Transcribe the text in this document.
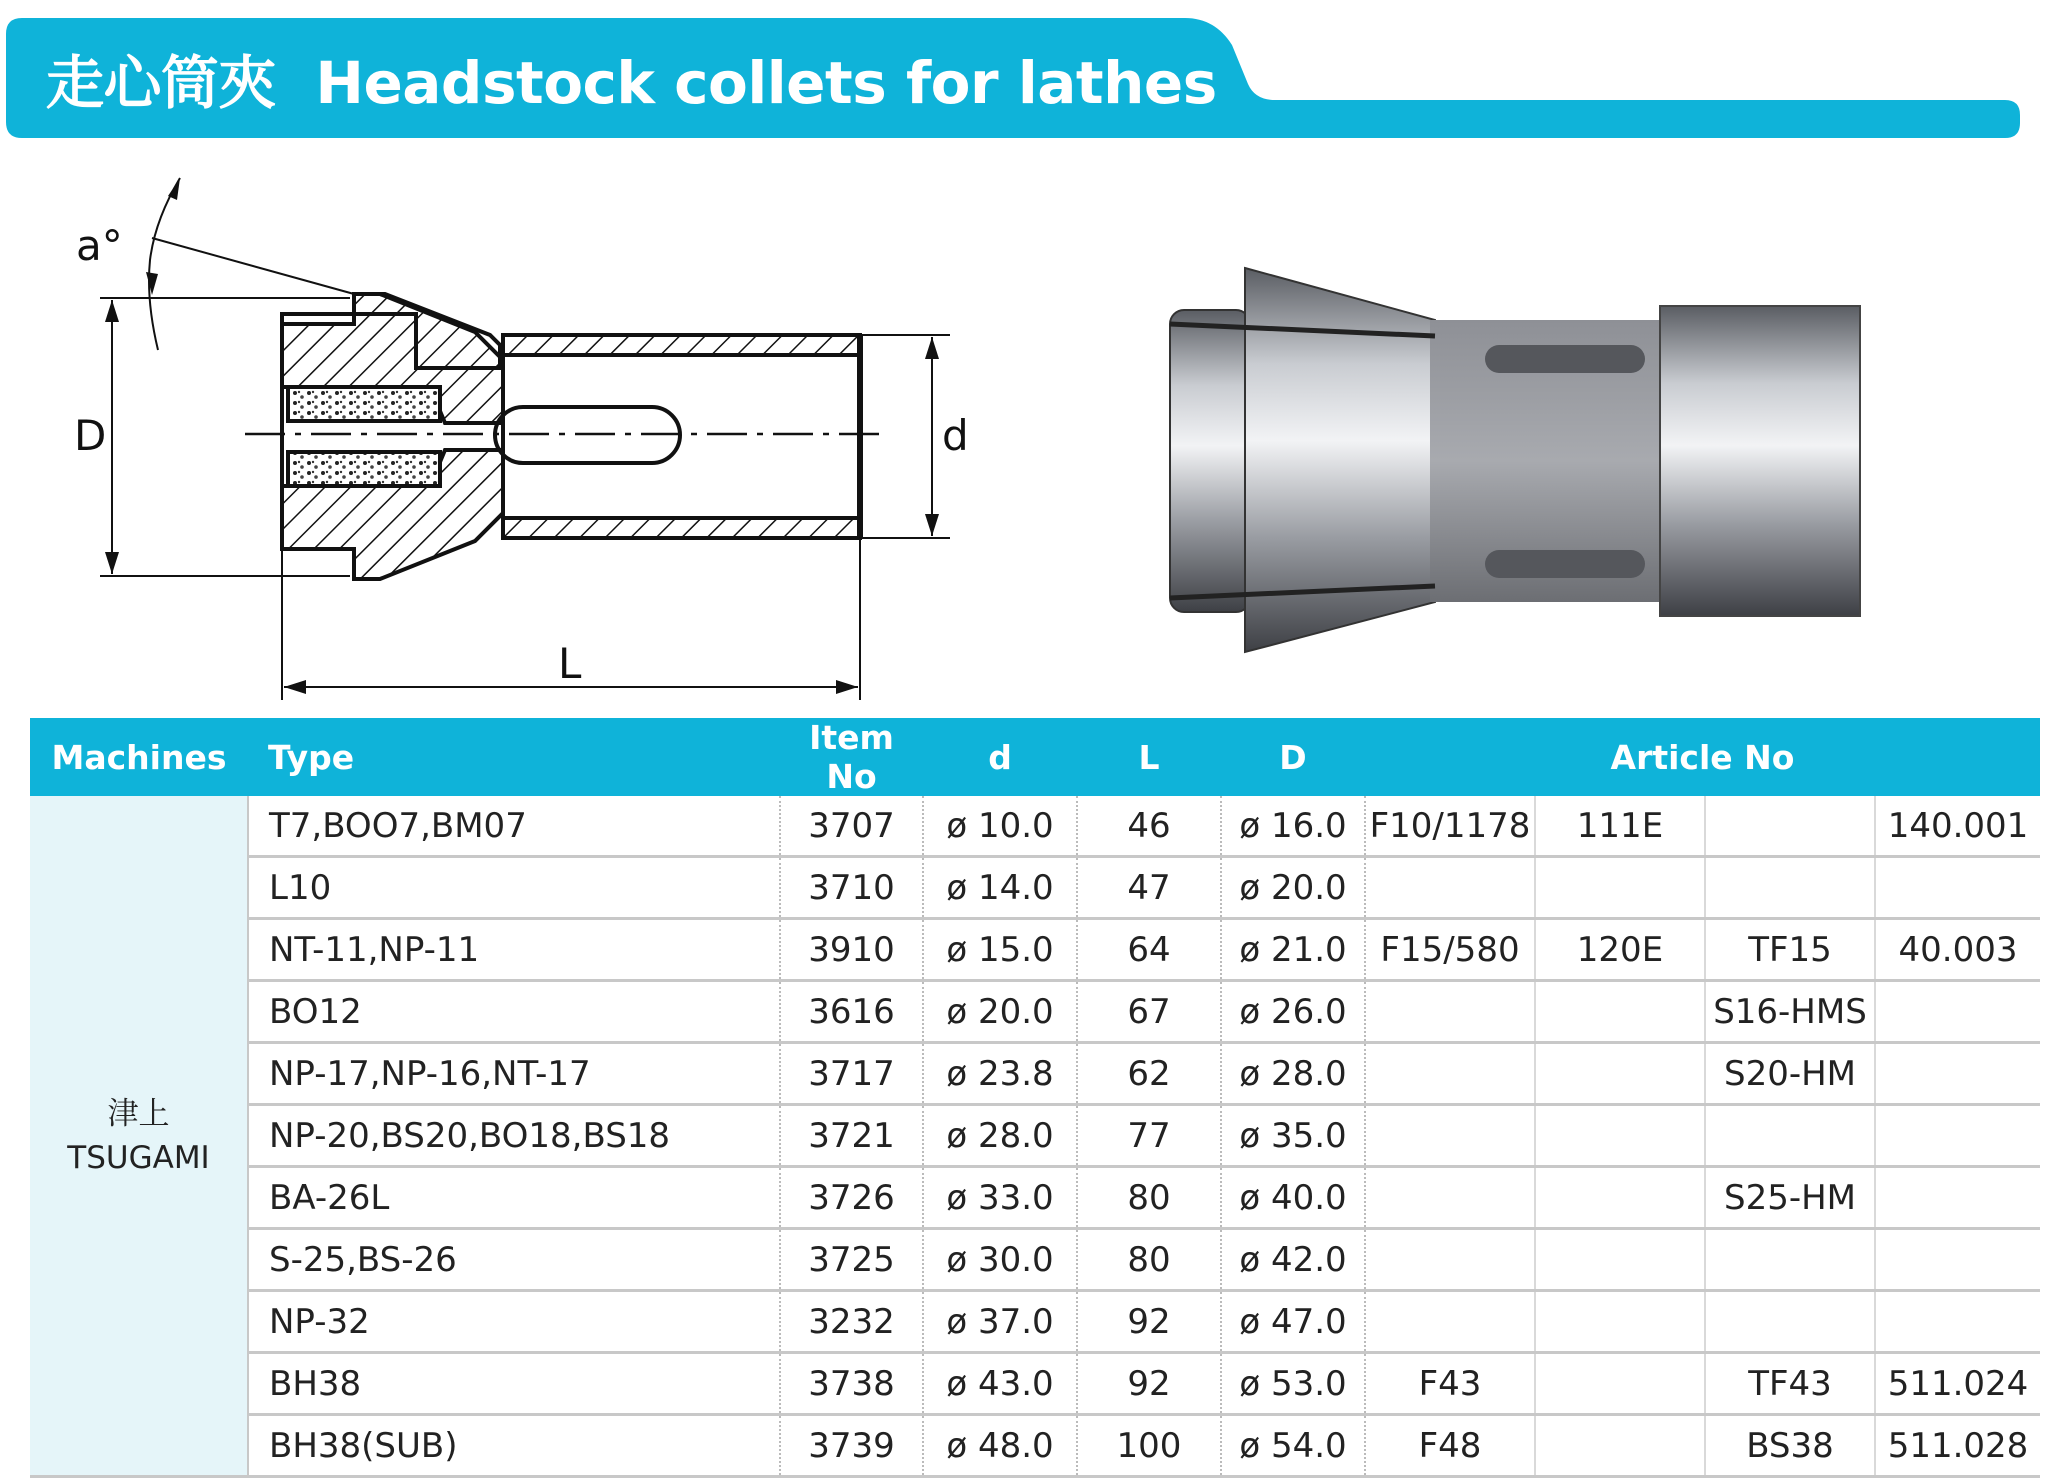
走心筒夾 Headstock collets for lathes
a°
D	d
L
Machines	Type	Item No	d	L	D	Article No			

津上
TSUGAMI	T7,BOO7,BM07	3707	ø 10.0	46	ø 16.0	F10/1178	111E		140.001
	L10	3710	ø 14.0	47	ø 20.0				
	NT-11,NP-11	3910	ø 15.0	64	ø 21.0	F15/580	120E	TF15	40.003
	BO12	3616	ø 20.0	67	ø 26.0			S16-HMS	
	NP-17,NP-16,NT-17	3717	ø 23.8	62	ø 28.0			S20-HM	
	NP-20,BS20,BO18,BS18	3721	ø 28.0	77	ø 35.0				
	BA-26L	3726	ø 33.0	80	ø 40.0			S25-HM	
	S-25,BS-26	3725	ø 30.0	80	ø 42.0				
	NP-32	3232	ø 37.0	92	ø 47.0				
	BH38	3738	ø 43.0	92	ø 53.0	F43		TF43	511.024
	BH38(SUB)	3739	ø 48.0	100	ø 54.0	F48		BS38	511.028
